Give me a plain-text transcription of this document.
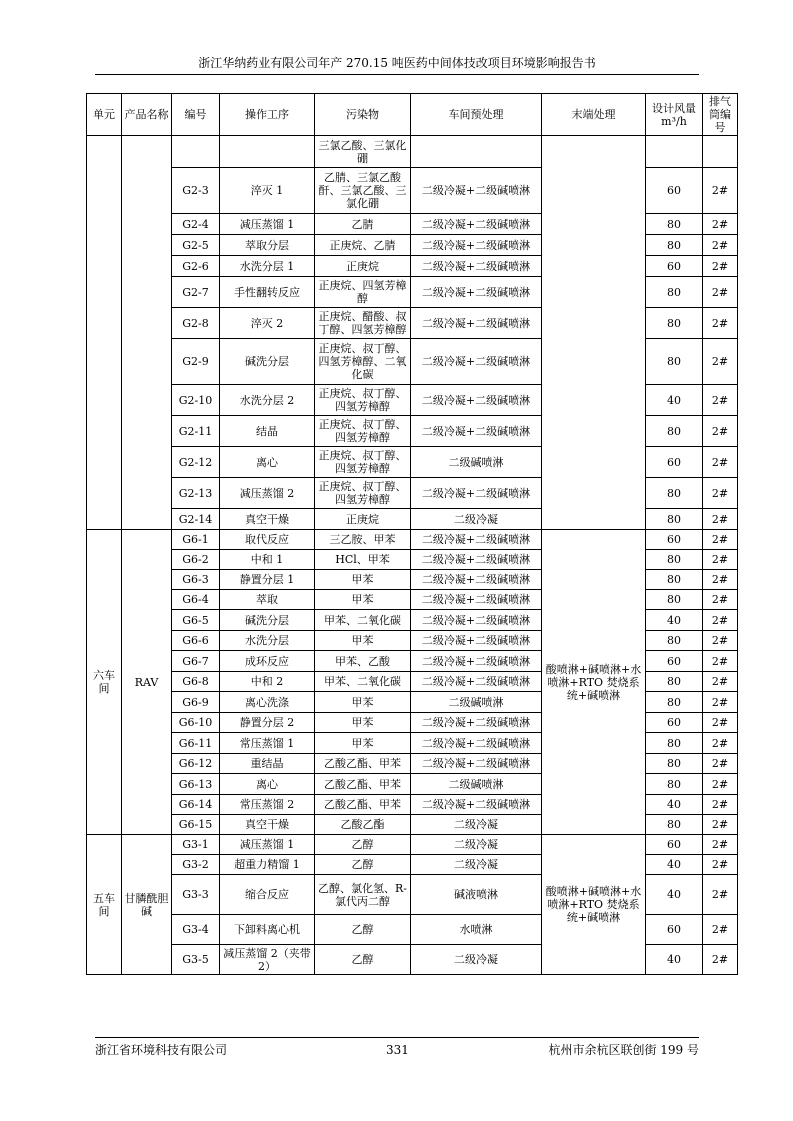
浙江华纳药业有限公司年产 270.15 吨医药中间体技改项目环境影响报告书
单元	产品名称	编号	操作工序	污染物	车间预处理	末端处理	设计风量 m³/h	排气筒编号
				三氯乙酸、三氯化硼				
		G2-3	淬灭 1	乙腈、三氯乙酸酐、三氯乙酸、三氯化硼	二级冷凝+二级碱喷淋		60	2#
		G2-4	减压蒸馏 1	乙腈	二级冷凝+二级碱喷淋		80	2#
		G2-5	萃取分层	正庚烷、乙腈	二级冷凝+二级碱喷淋		80	2#
		G2-6	水洗分层 1	正庚烷	二级冷凝+二级碱喷淋		60	2#
		G2-7	手性翻转反应	正庚烷、四氢芳樟醇	二级冷凝+二级碱喷淋		80	2#
		G2-8	淬灭 2	正庚烷、醋酸、叔丁醇、四氢芳樟醇	二级冷凝+二级碱喷淋		80	2#
		G2-9	碱洗分层	正庚烷、叔丁醇、四氢芳樟醇、二氧化碳	二级冷凝+二级碱喷淋		80	2#
		G2-10	水洗分层 2	正庚烷、叔丁醇、四氢芳樟醇	二级冷凝+二级碱喷淋		40	2#
		G2-11	结晶	正庚烷、叔丁醇、四氢芳樟醇	二级冷凝+二级碱喷淋		80	2#
		G2-12	离心	正庚烷、叔丁醇、四氢芳樟醇	二级碱喷淋		60	2#
		G2-13	减压蒸馏 2	正庚烷、叔丁醇、四氢芳樟醇	二级冷凝+二级碱喷淋		80	2#
		G2-14	真空干燥	正庚烷	二级冷凝		80	2#
六车间	RAV	G6-1	取代反应	三乙胺、甲苯	二级冷凝+二级碱喷淋	酸喷淋+碱喷淋+水喷淋+RTO 焚烧系统+碱喷淋	60	2#
		G6-2	中和 1	HCl、甲苯	二级冷凝+二级碱喷淋		80	2#
		G6-3	静置分层 1	甲苯	二级冷凝+二级碱喷淋		80	2#
		G6-4	萃取	甲苯	二级冷凝+二级碱喷淋		80	2#
		G6-5	碱洗分层	甲苯、二氧化碳	二级冷凝+二级碱喷淋		40	2#
		G6-6	水洗分层	甲苯	二级冷凝+二级碱喷淋		80	2#
		G6-7	成环反应	甲苯、乙酸	二级冷凝+二级碱喷淋		60	2#
		G6-8	中和 2	甲苯、二氧化碳	二级冷凝+二级碱喷淋		80	2#
		G6-9	离心洗涤	甲苯	二级碱喷淋		80	2#
		G6-10	静置分层 2	甲苯	二级冷凝+二级碱喷淋		60	2#
		G6-11	常压蒸馏 1	甲苯	二级冷凝+二级碱喷淋		80	2#
		G6-12	重结晶	乙酸乙酯、甲苯	二级冷凝+二级碱喷淋		80	2#
		G6-13	离心	乙酸乙酯、甲苯	二级碱喷淋		80	2#
		G6-14	常压蒸馏 2	乙酸乙酯、甲苯	二级冷凝+二级碱喷淋		40	2#
		G6-15	真空干燥	乙酸乙酯	二级冷凝		80	2#
五车间	甘膦酰胆碱	G3-1	减压蒸馏 1	乙醇	二级冷凝	酸喷淋+碱喷淋+水喷淋+RTO 焚烧系统+碱喷淋	60	2#
		G3-2	超重力精馏 1	乙醇	二级冷凝		40	2#
		G3-3	缩合反应	乙醇、氯化氢、R-氯代丙二醇	碱液喷淋		40	2#
		G3-4	下卸料离心机	乙醇	水喷淋		60	2#
		G3-5	减压蒸馏 2（夹带 2）	乙醇	二级冷凝		40	2#
浙江省环境科技有限公司	331	杭州市余杭区联创街 199 号
